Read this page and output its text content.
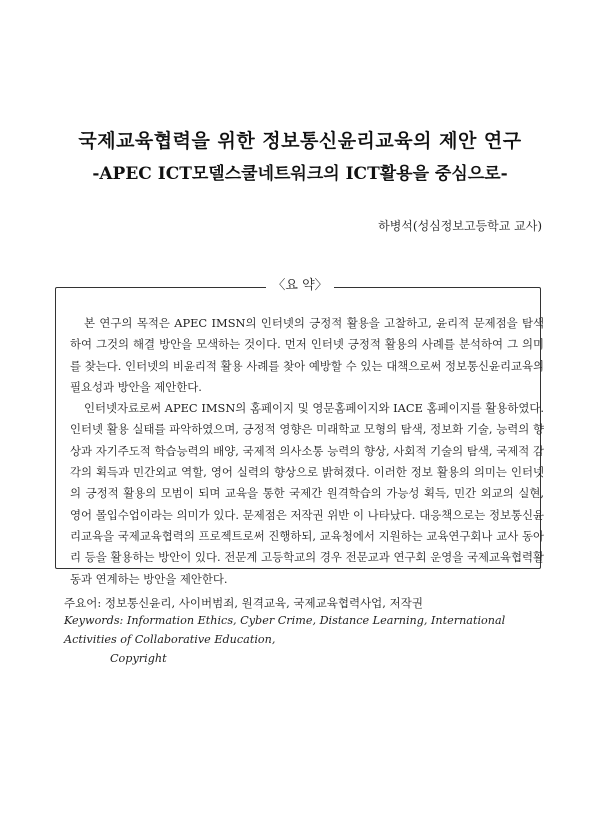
국제교육협력을 위한 정보통신윤리교육의 제안 연구
-APEC ICT모델스쿨네트워크의 ICT활용을 중심으로-
하병석(성심정보고등학교 교사)
〈요 약〉

본 연구의 목적은 APEC IMSN의 인터넷의 긍정적 활용을 고찰하고, 윤리적 문제점을 탐색하여 그것의 해결 방안을 모색하는 것이다. 먼저 인터넷 긍정적 활용의 사례를 분석하여 그 의미를 찾는다. 인터넷의 비윤리적 활용 사례를 찾아 예방할 수 있는 대책으로써 정보통신윤리교육의 필요성과 방안을 제안한다.

인터넷자료로써 APEC IMSN의 홈페이지 및 영문홈페이지와 IACE 홈페이지를 활용하였다. 인터넷 활용 실태를 파악하였으며, 긍정적 영향은 미래학교 모형의 탐색, 정보화 기술, 능력의 향상과 자기주도적 학습능력의 배양, 국제적 의사소통 능력의 향상, 사회적 기술의 탐색, 국제적 감각의 획득과 민간외교 역할, 영어 실력의 향상으로 밝혀졌다. 이러한 정보 활용의 의미는 인터넷의 긍정적 활용의 모범이 되며 교육을 통한 국제간 원격학습의 가능성 획득, 민간 외교의 실현, 영어 몰입수업이라는 의미가 있다. 문제점은 저작권 위반 이 나타났다. 대응책으로는 정보통신윤리교육을 국제교육협력의 프로젝트로써 진행하되, 교육청에서 지원하는 교육연구회나 교사 동아리 등을 활용하는 방안이 있다. 전문계 고등학교의 경우 전문교과 연구회 운영을 국제교육협력활동과 연계하는 방안을 제안한다.

주요어: 정보통신윤리, 사이버범죄, 원격교육, 국제교육협력사업, 저작권
Keywords: Information Ethics, Cyber Crime, Distance Learning, International Activities of Collaborative Education,
Copyright
